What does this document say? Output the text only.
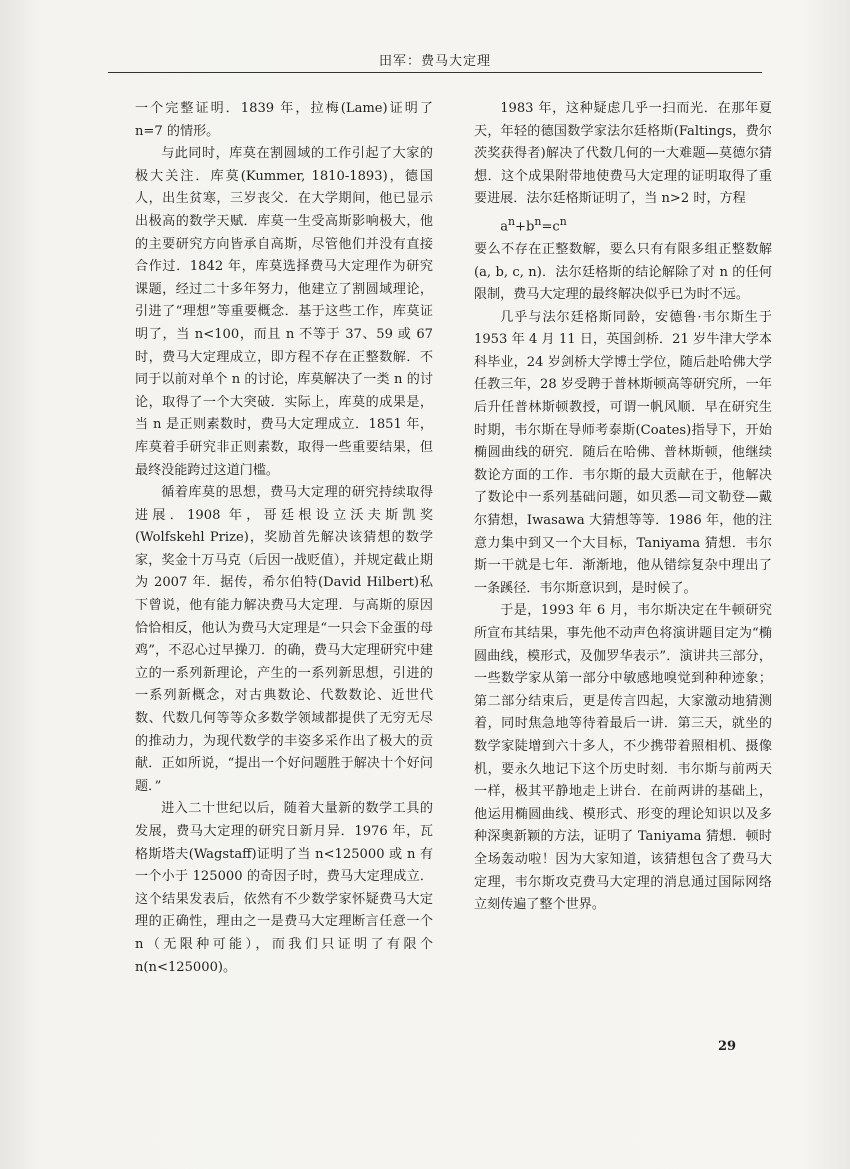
田军：费马大定理

一个完整证明．1839 年，拉梅(Lame)证明了 n=7 的情形。

与此同时，库莫在割圆域的工作引起了大家的极大关注．库莫(Kummer, 1810-1893)，德国人，出生贫寒，三岁丧父．在大学期间，他已显示出极高的数学天赋．库莫一生受高斯影响极大，他的主要研究方向皆承自高斯，尽管他们并没有直接合作过．1842 年，库莫选择费马大定理作为研究课题，经过二十多年努力，他建立了割圆域理论，引进了“理想”等重要概念．基于这些工作，库莫证明了，当 n<100，而且 n 不等于 37、59 或 67 时，费马大定理成立，即方程不存在正整数解．不同于以前对单个 n 的讨论，库莫解决了一类 n 的讨论，取得了一个大突破．实际上，库莫的成果是，当 n 是正则素数时，费马大定理成立．1851 年，库莫着手研究非正则素数，取得一些重要结果，但最终没能跨过这道门槛。

循着库莫的思想，费马大定理的研究持续取得进展．1908 年，哥廷根设立沃夫斯凯奖(Wolfskehl Prize)，奖励首先解决该猜想的数学家，奖金十万马克（后因一战贬值），并规定截止期为 2007 年．据传，希尔伯特(David Hilbert)私下曾说，他有能力解决费马大定理．与高斯的原因恰恰相反，他认为费马大定理是“一只会下金蛋的母鸡”，不忍心过早操刀．的确，费马大定理研究中建立的一系列新理论，产生的一系列新思想，引进的一系列新概念，对古典数论、代数数论、近世代数、代数几何等等众多数学领域都提供了无穷无尽的推动力，为现代数学的丰姿多采作出了极大的贡献．正如所说，“提出一个好问题胜于解决十个好问题．”

进入二十世纪以后，随着大量新的数学工具的发展，费马大定理的研究日新月异．1976 年，瓦格斯塔夫(Wagstaff)证明了当 n<125000 或 n 有一个小于 125000 的奇因子时，费马大定理成立．这个结果发表后，依然有不少数学家怀疑费马大定理的正确性，理由之一是费马大定理断言任意一个 n（无限种可能），而我们只证明了有限个 n(n<125000)。

1983 年，这种疑虑几乎一扫而光．在那年夏天，年轻的德国数学家法尔廷格斯(Faltings，费尔茨奖获得者)解决了代数几何的一大难题—莫德尔猜想．这个成果附带地使费马大定理的证明取得了重要进展．法尔廷格斯证明了，当 n>2 时，方程

$a^n+b^n=c^n$

要么不存在正整数解，要么只有有限多组正整数解(a, b, c, n)．法尔廷格斯的结论解除了对 n 的任何限制，费马大定理的最终解决似乎已为时不远。

几乎与法尔廷格斯同龄，安德鲁·韦尔斯生于 1953 年 4 月 11 日，英国剑桥．21 岁牛津大学本科毕业，24 岁剑桥大学博士学位，随后赴哈佛大学任教三年，28 岁受聘于普林斯顿高等研究所，一年后升任普林斯顿教授，可谓一帆风顺．早在研究生时期，韦尔斯在导师考泰斯(Coates)指导下，开始椭圆曲线的研究．随后在哈佛、普林斯顿，他继续数论方面的工作．韦尔斯的最大贡献在于，他解决了数论中一系列基础问题，如贝悉—司文勒登—戴尔猜想，Iwasawa 大猜想等等．1986 年，他的注意力集中到又一个大目标，Taniyama 猜想．韦尔斯一干就是七年．渐渐地，他从错综复杂中理出了一条蹊径．韦尔斯意识到，是时候了。

于是，1993 年 6 月，韦尔斯决定在牛顿研究所宣布其结果，事先他不动声色将演讲题目定为“椭圆曲线，模形式，及伽罗华表示”．演讲共三部分，一些数学家从第一部分中敏感地嗅觉到种种迹象；第二部分结束后，更是传言四起，大家激动地猜测着，同时焦急地等待着最后一讲．第三天，就坐的数学家陡增到六十多人，不少携带着照相机、摄像机，要永久地记下这个历史时刻．韦尔斯与前两天一样，极其平静地走上讲台．在前两讲的基础上，他运用椭圆曲线、模形式、形变的理论知识以及多种深奥新颖的方法，证明了 Taniyama 猜想．顿时全场轰动啦！因为大家知道，该猜想包含了费马大定理，韦尔斯攻克费马大定理的消息通过国际网络立刻传遍了整个世界。

29
